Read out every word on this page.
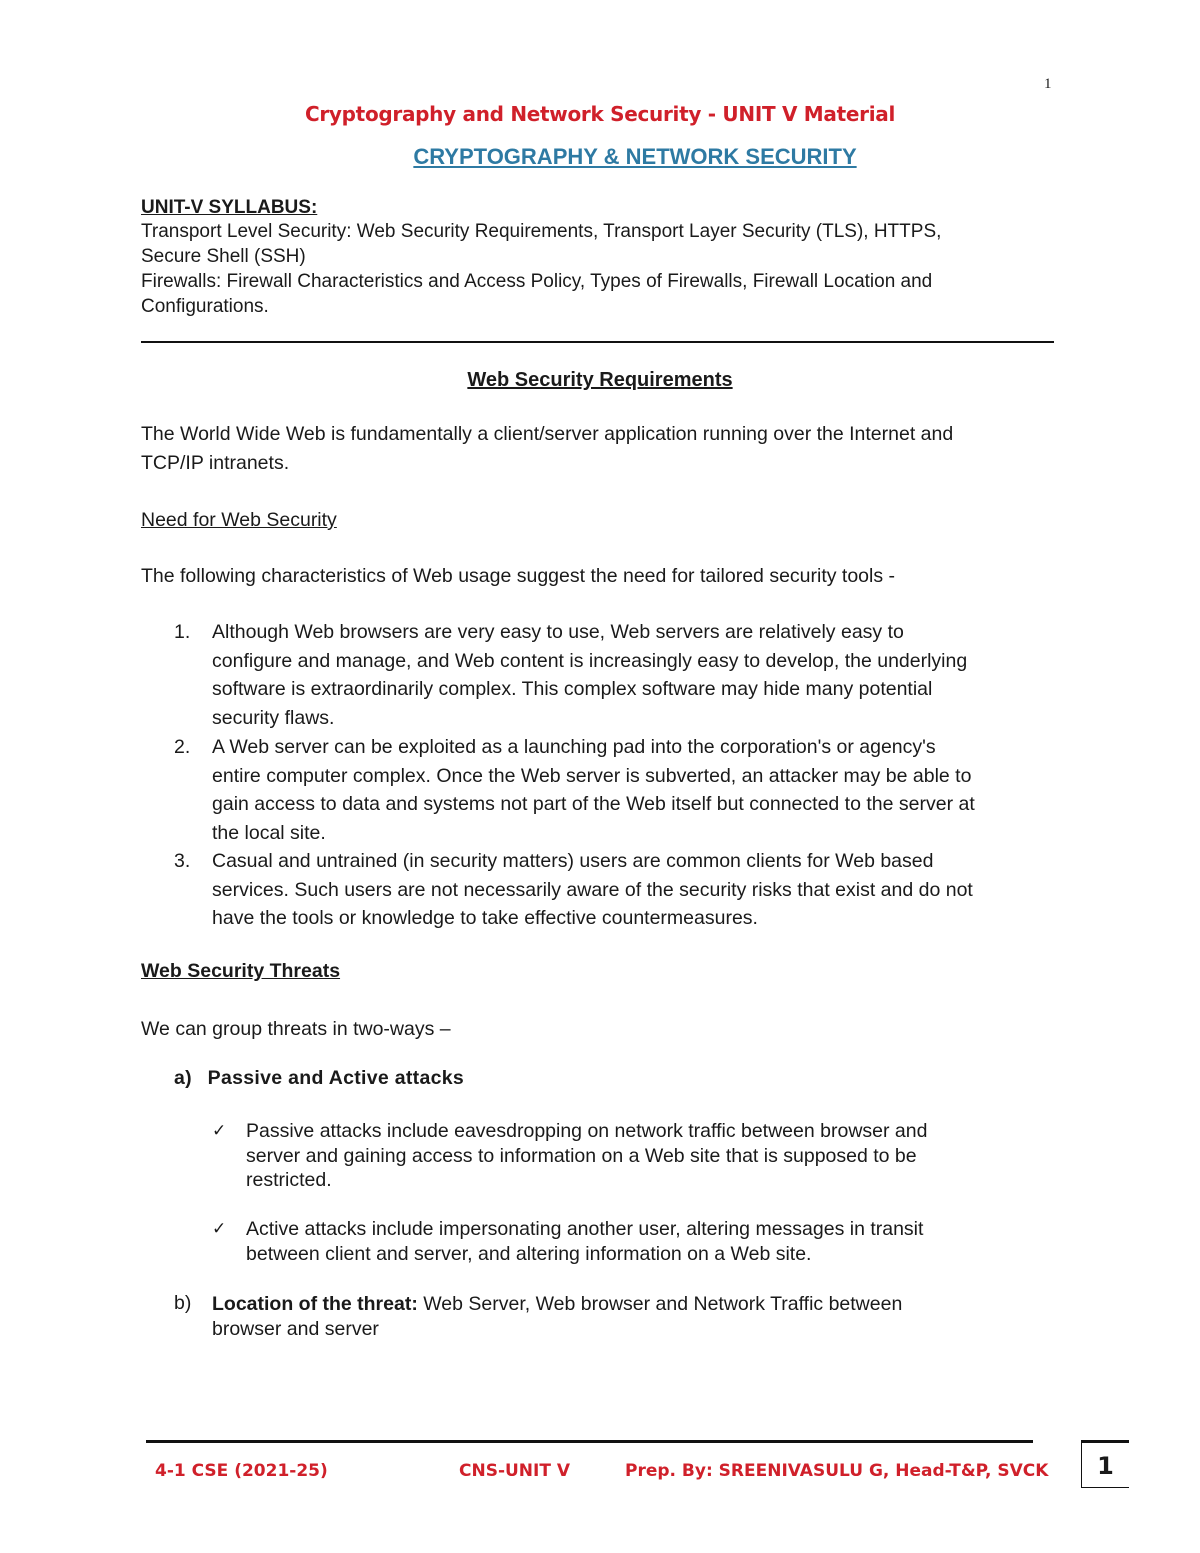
1
Cryptography and Network Security - UNIT V Material
CRYPTOGRAPHY & NETWORK SECURITY
UNIT-V SYLLABUS:
Transport Level Security: Web Security Requirements, Transport Layer Security (TLS), HTTPS,
Secure Shell (SSH)
Firewalls: Firewall Characteristics and Access Policy, Types of Firewalls, Firewall Location and
Configurations.
Web Security Requirements
The World Wide Web is fundamentally a client/server application running over the Internet and
TCP/IP intranets.
Need for Web Security
The following characteristics of Web usage suggest the need for tailored security tools -
1. Although Web browsers are very easy to use, Web servers are relatively easy to
configure and manage, and Web content is increasingly easy to develop, the underlying
software is extraordinarily complex. This complex software may hide many potential
security flaws.
2. A Web server can be exploited as a launching pad into the corporation's or agency's
entire computer complex. Once the Web server is subverted, an attacker may be able to
gain access to data and systems not part of the Web itself but connected to the server at
the local site.
3. Casual and untrained (in security matters) users are common clients for Web based
services. Such users are not necessarily aware of the security risks that exist and do not
have the tools or knowledge to take effective countermeasures.
Web Security Threats
We can group threats in two-ways –
a) Passive and Active attacks
✓ Passive attacks include eavesdropping on network traffic between browser and
server and gaining access to information on a Web site that is supposed to be
restricted.
✓ Active attacks include impersonating another user, altering messages in transit
between client and server, and altering information on a Web site.
b) Location of the threat: Web Server, Web browser and Network Traffic between
browser and server
4-1 CSE (2021-25)	CNS-UNIT V	Prep. By: SREENIVASULU G, Head-T&P, SVCK	1
